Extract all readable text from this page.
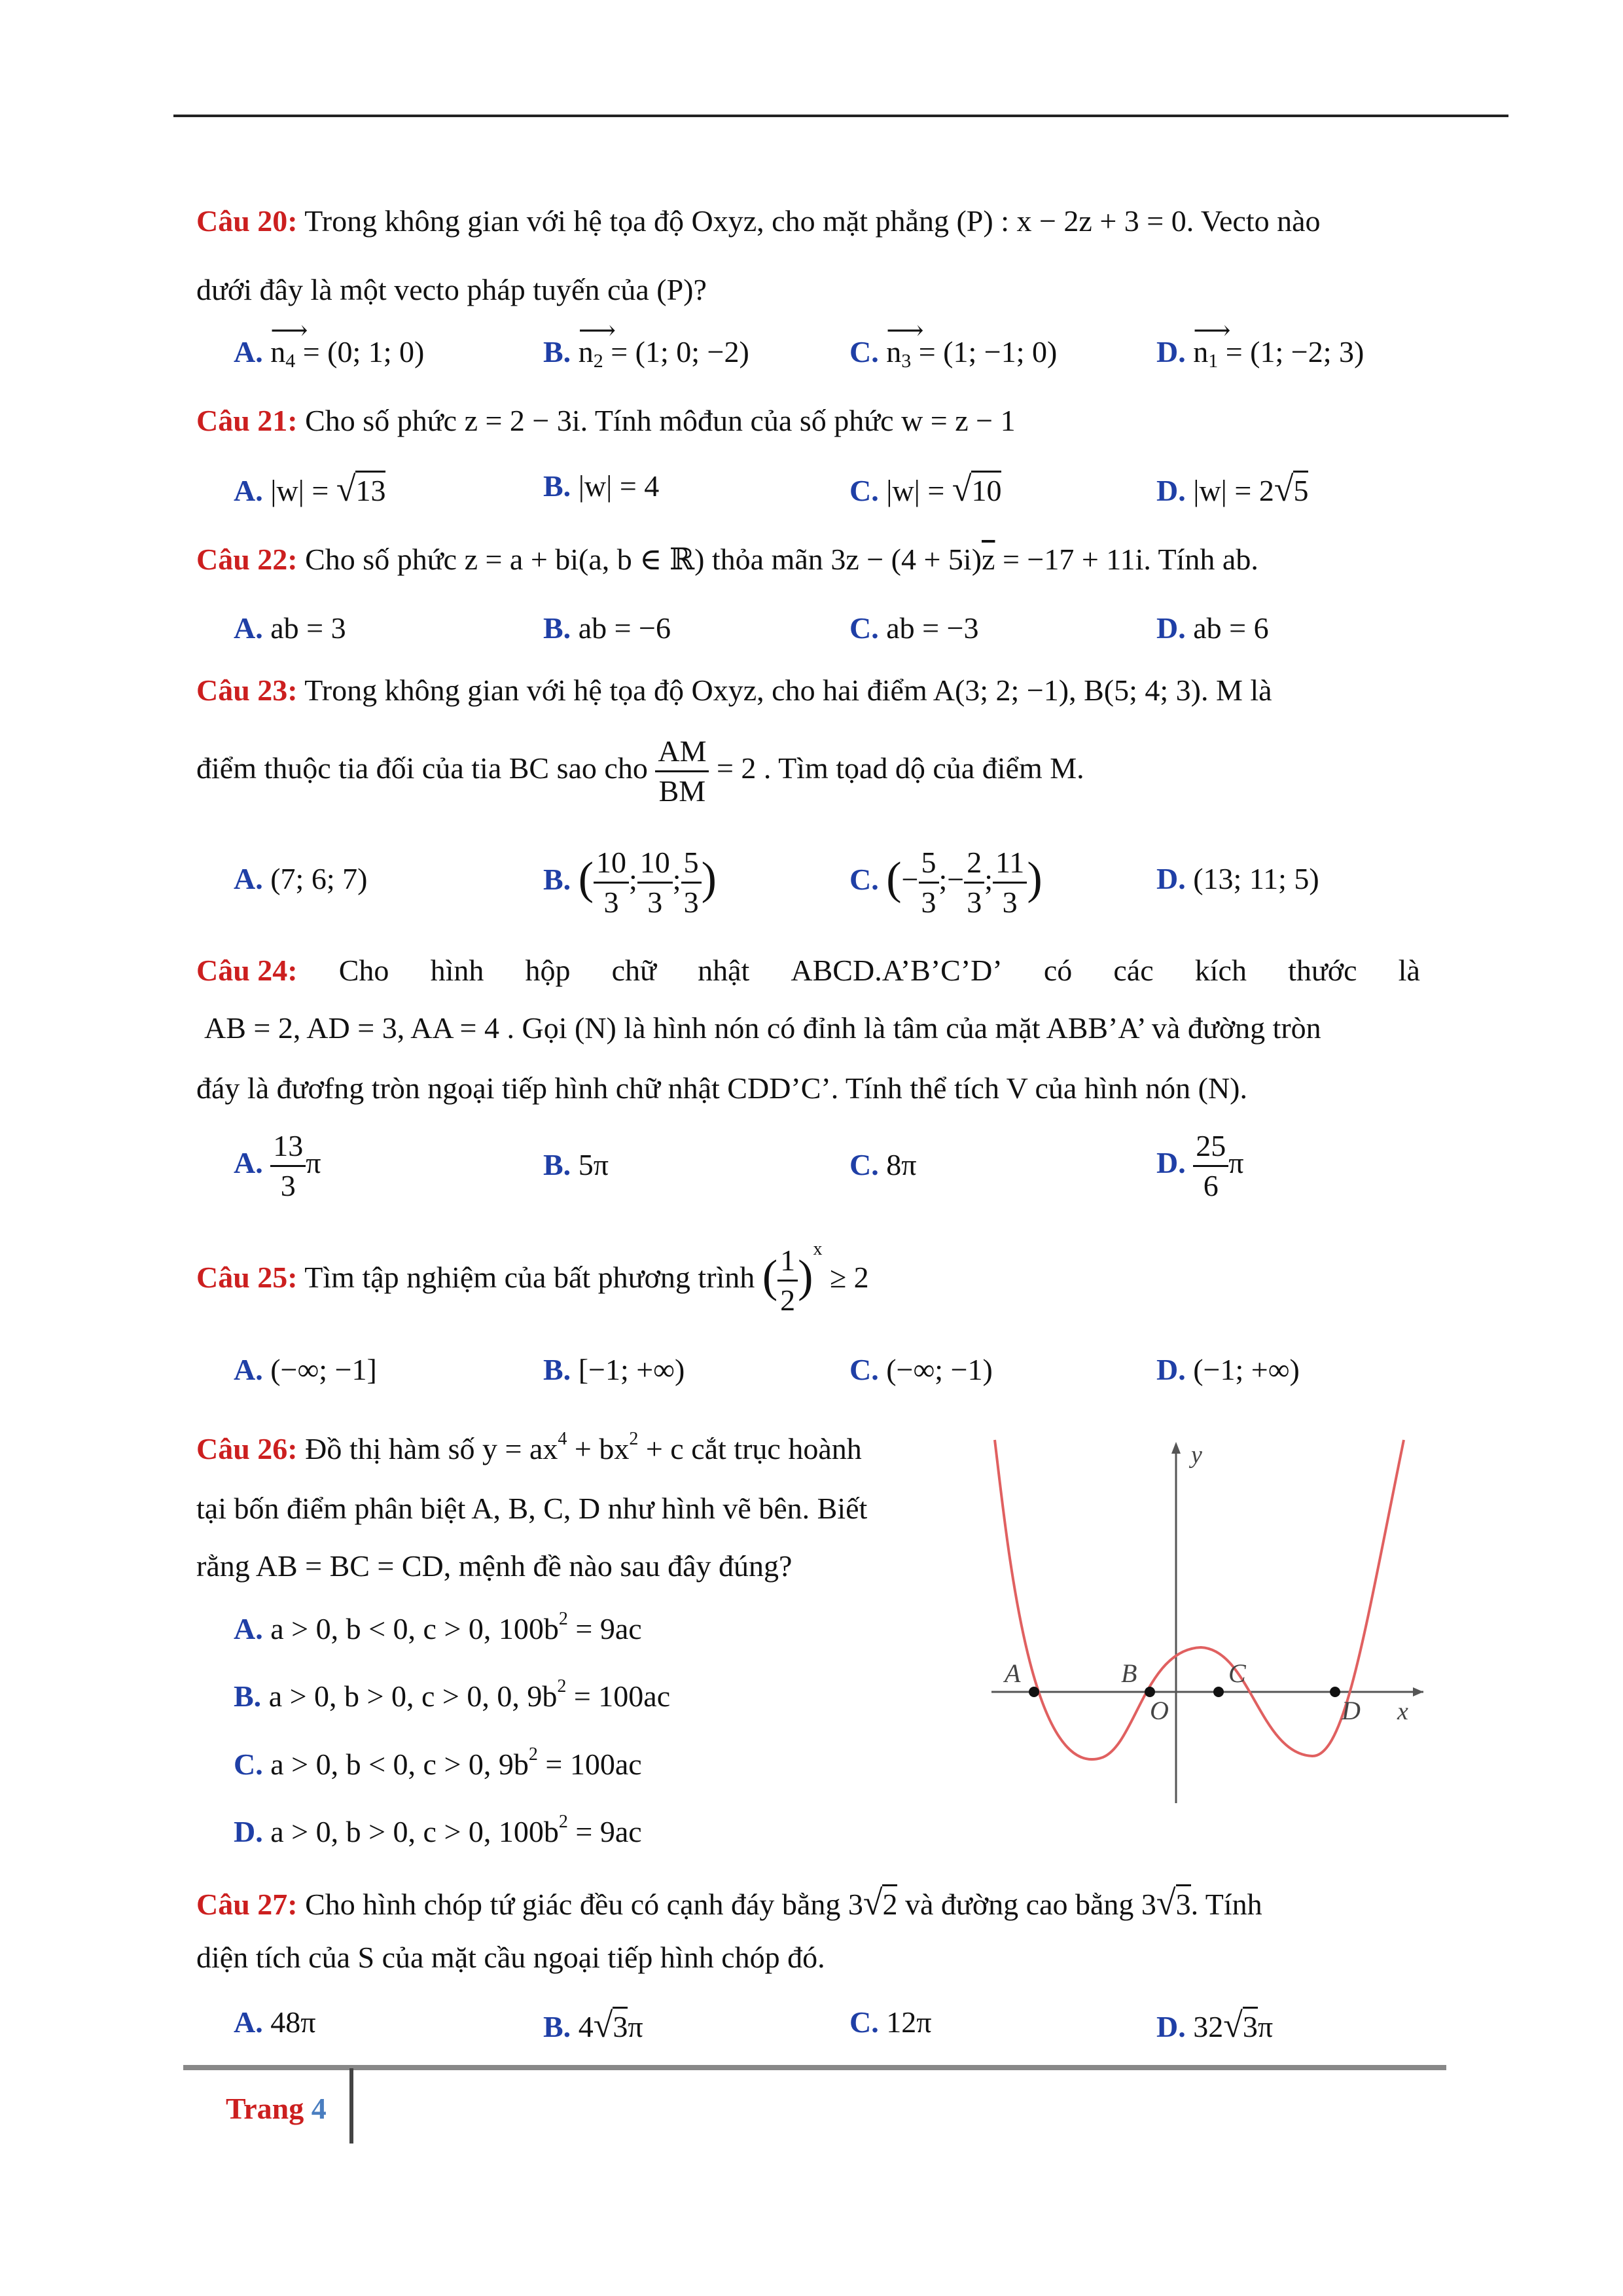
Câu 20: Trong không gian với hệ tọa độ Oxyz, cho mặt phẳng (P) : x − 2z + 3 = 0. Vecto nào
dưới đây là một vecto pháp tuyến của (P)?
A.
⟶
$n_4 = (0$; 1; 0)	B.
⟶
$n_2 = (1$; 0; −2)	C.
⟶
$n_3 = (1$; −1; 0)	D.
⟶
$n_1 = (1$; −2; 3)
Câu 21: Cho số phức z = 2 − 3i. Tính môđun của số phức w = z − 1
A. |w| = √13	B. |w| = 4	C. |w| = √10	D. |w| = 2√5
Câu 22: Cho số phức z = a + bi(a, b ∈ ℝ) thỏa mãn $3z - (4 + 5i)\overline{z} = -17 + 11i$. Tính ab.
A. ab = 3	B. ab = −6	C. ab = −3	D. ab = 6
Câu 23: Trong không gian với hệ tọa độ Oxyz, cho hai điểm A(3; 2; −1), B(5; 4; 3). M là
điểm thuộc tia đối của tia BC sao cho $\frac{AM}{BM} = 2$ . Tìm tọad dộ của điểm M.
A. (7; 6; 7)	B. ( $\frac{10}{3}$ ; $\frac{10}{3}$ ; $\frac{5}{3}$ )	C. (− $\frac{5}{3}$ ;− $\frac{2}{3}$ ; $\frac{11}{3}$ )	D. (13; 11; 5)
Câu 24: Cho hình hộp chữ nhật ABCD.A’B’C’D’ có các kích thước là
AB = 2, AD = 3, AA = 4 . Gọi (N) là hình nón có đỉnh là tâm của mặt ABB’A’ và đường tròn
đáy là đươfng tròn ngoại tiếp hình chữ nhật CDD’C’. Tính thể tích V của hình nón (N).
A. $\frac{13}{3}$ π	B. 5π	C. 8π	D. $\frac{25}{6}$ π
Câu 25: Tìm tập nghiệm của bất phương trình ( $\frac{1}{2} )^x \ge 2$
A. (−∞; −1]	B. [−1; +∞)	C. (−∞; −1)	D. (−1; +∞)
Câu 26: Đồ thị hàm số $y = ax^4 + bx^2 + c$ cắt trục hoành
tại bốn điểm phân biệt A, B, C, D như hình vẽ bên. Biết
rằng AB = BC = CD, mệnh đề nào sau đây đúng?
A. a > 0, b < 0, c > 0, $100b^2 = 9ac$
B. a > 0, b > 0, c > 0, 0, $9b^2 = 100ac$
C. a > 0, b < 0, c > 0, $9b^2 = 100ac$
D. a > 0, b > 0, c > 0, $100b^2 = 9ac$
A	B	C
D
O
y
x
Câu 27: Cho hình chóp tứ giác đều có cạnh đáy bằng 3√2 và đường cao bằng 3√3. Tính
diện tích của S của mặt cầu ngoại tiếp hình chóp đó.
A. 48π	B. 4√3π	C. 12π	D. 32√3π
Trang 4
